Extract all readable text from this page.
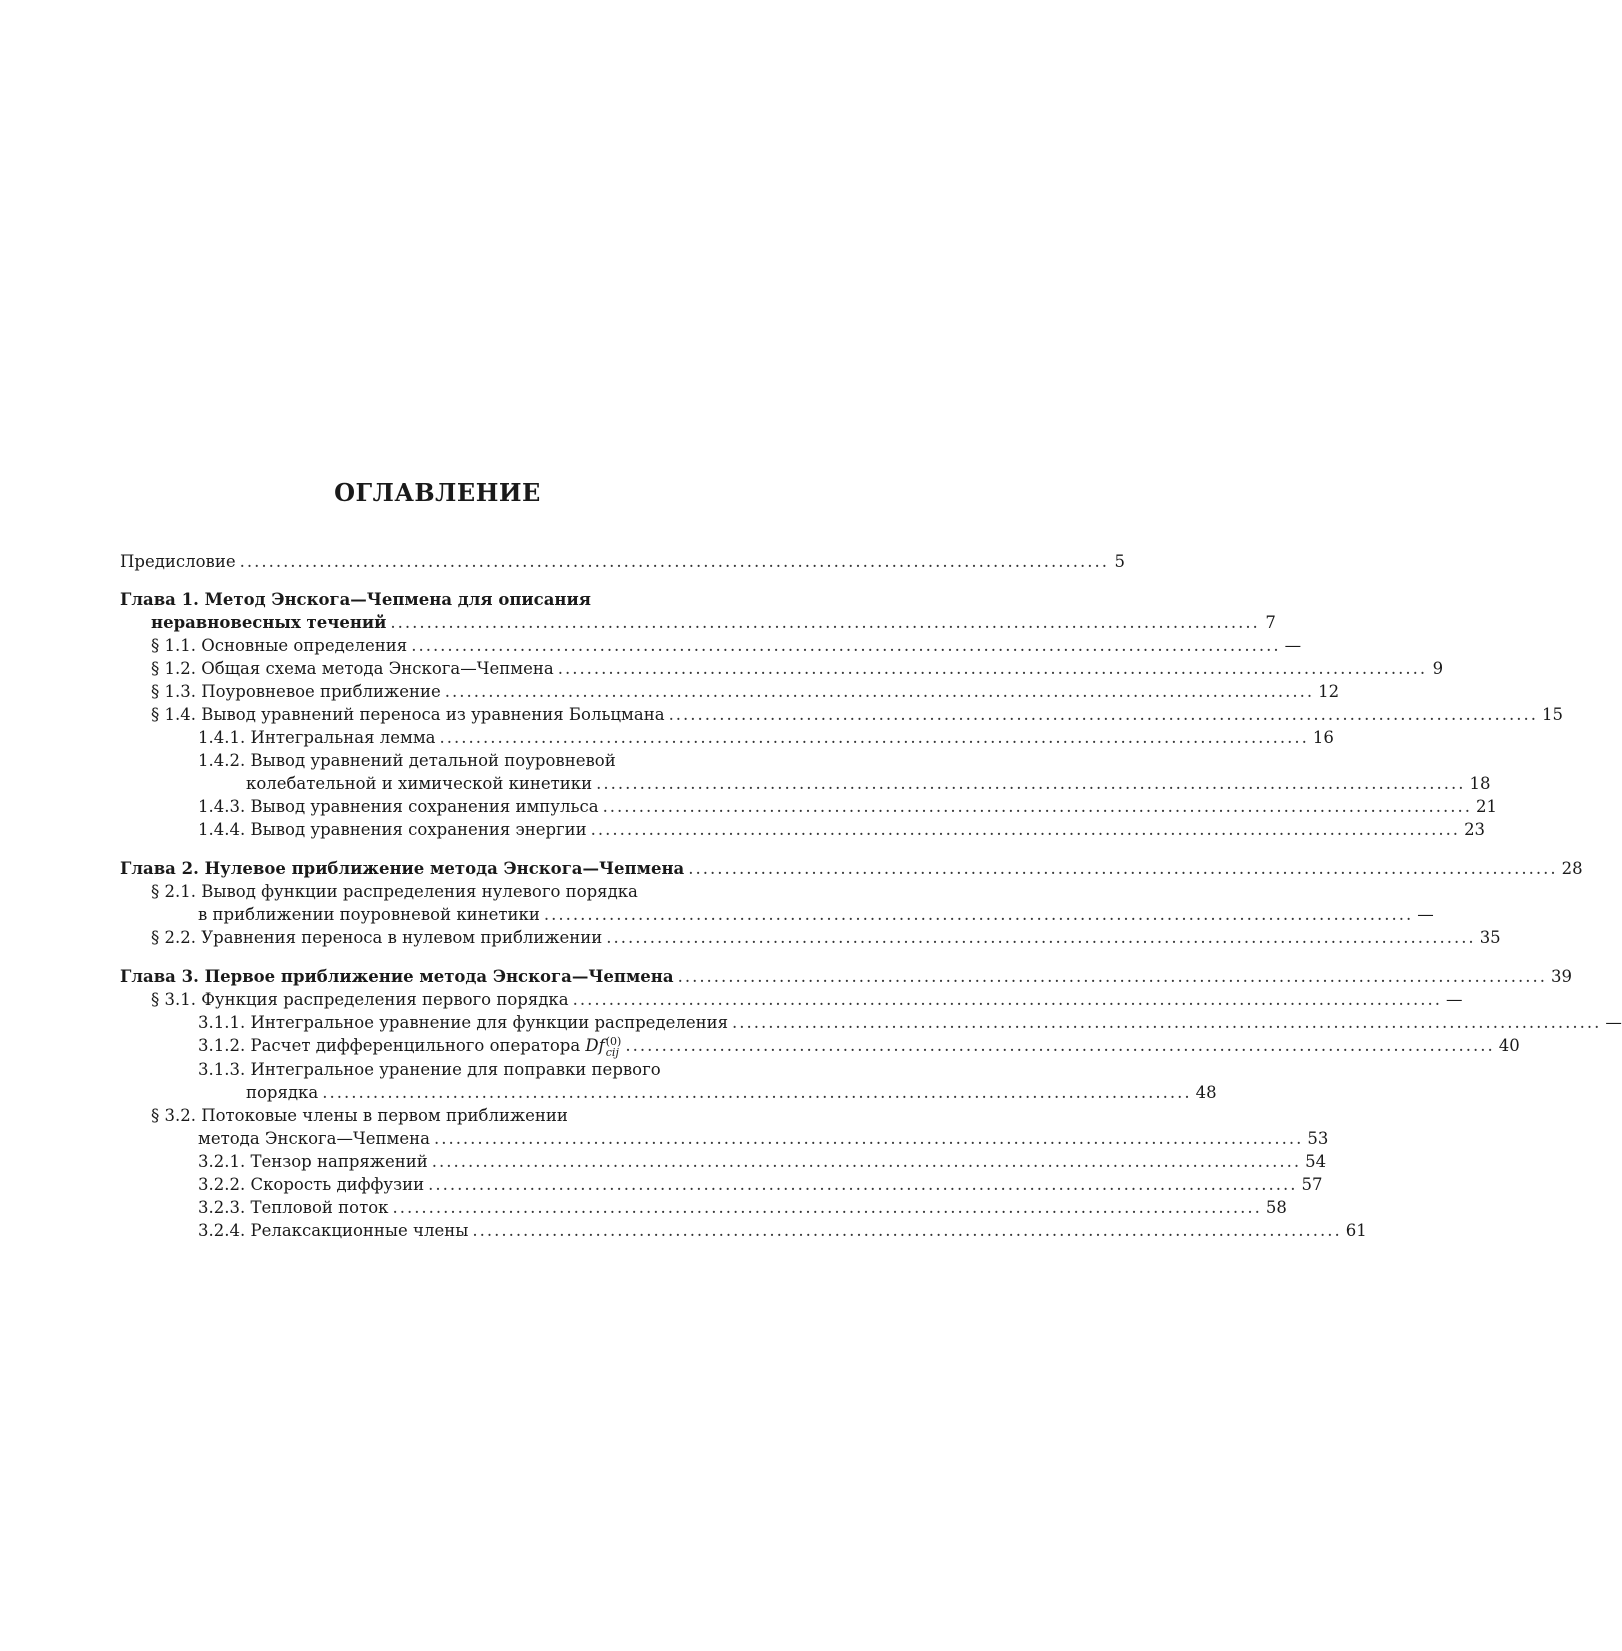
ОГЛАВЛЕНИЕ
Предисловие ........................................................................................................................ 5
Глава 1. Метод Энскога—Чепмена для описания
неравновесных течений ........................................................................................................................ 7
§ 1.1. Основные определения ........................................................................................................................ —
§ 1.2. Общая схема метода Энскога—Чепмена ........................................................................................................................ 9
§ 1.3. Поуровневое приближение ........................................................................................................................ 12
§ 1.4. Вывод уравнений переноса из уравнения Больцмана ........................................................................................................................ 15
1.4.1. Интегральная лемма ........................................................................................................................ 16
1.4.2. Вывод уравнений детальной поуровневой
колебательной и химической кинетики ........................................................................................................................ 18
1.4.3. Вывод уравнения сохранения импульса ........................................................................................................................ 21
1.4.4. Вывод уравнения сохранения энергии ........................................................................................................................ 23
Глава 2. Нулевое приближение метода Энскога—Чепмена ........................................................................................................................ 28
§ 2.1. Вывод функции распределения нулевого порядка
в приближении поуровневой кинетики ........................................................................................................................ —
§ 2.2. Уравнения переноса в нулевом приближении ........................................................................................................................ 35
Глава 3. Первое приближение метода Энскога—Чепмена ........................................................................................................................ 39
§ 3.1. Функция распределения первого порядка ........................................................................................................................ —
3.1.1. Интегральное уравнение для функции распределения ........................................................................................................................ —
3.1.2. Расчет дифференцильного оператора Df (0)
cij ........................................................................................................................ 40
3.1.3. Интегральное уранение для поправки первого
порядка ........................................................................................................................ 48
§ 3.2. Потоковые члены в первом приближении
метода Энскога—Чепмена ........................................................................................................................ 53
3.2.1. Тензор напряжений ........................................................................................................................ 54
3.2.2. Скорость диффузии ........................................................................................................................ 57
3.2.3. Тепловой поток ........................................................................................................................ 58
3.2.4. Релаксакционные члены ........................................................................................................................ 61
